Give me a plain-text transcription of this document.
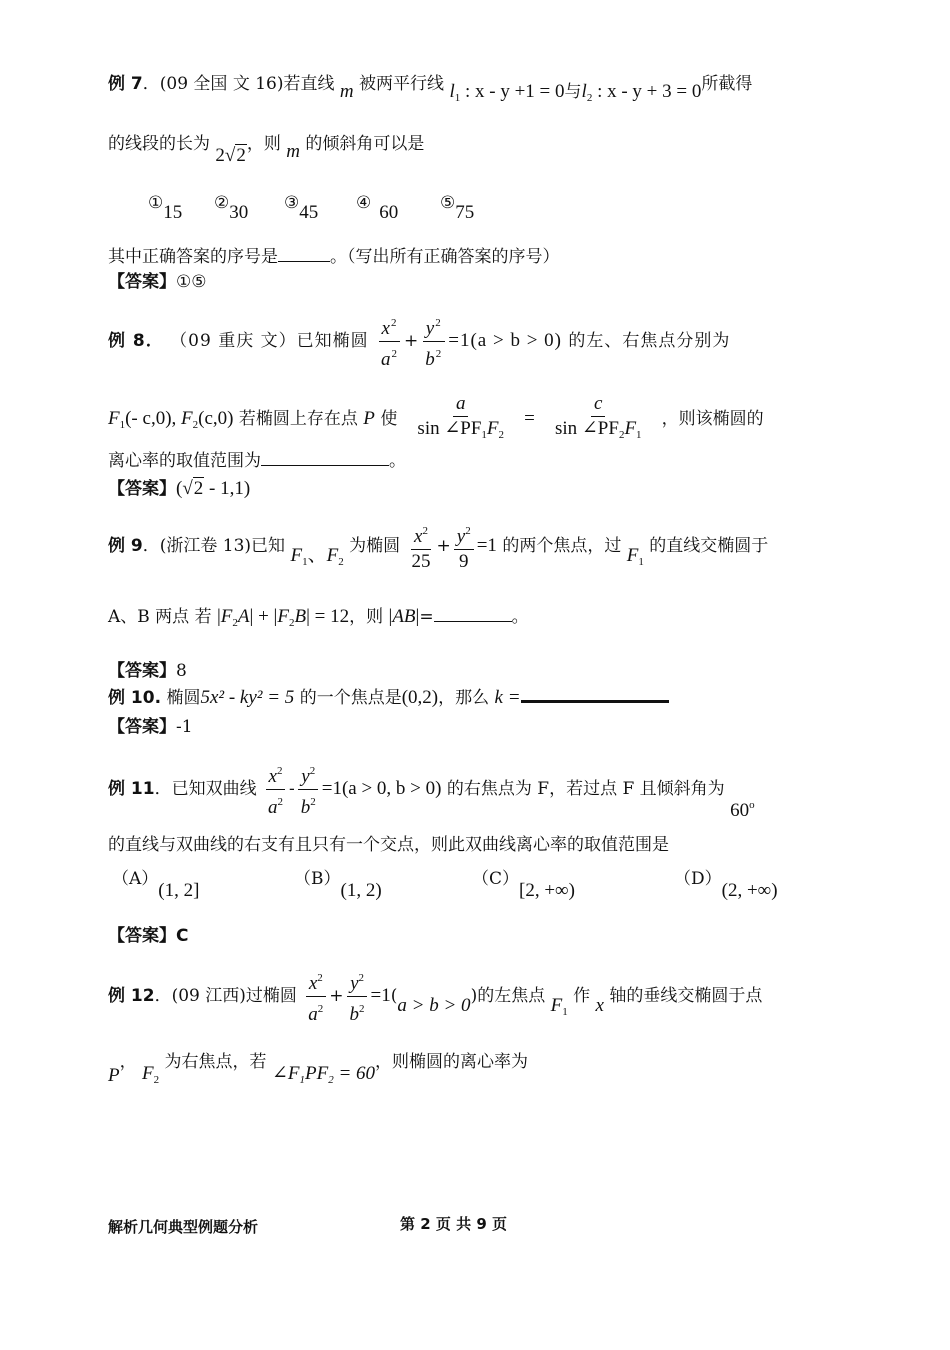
例 7．(09 全国 文 16)若直线 m 被两平行线 $l_1$ : x - y +1 = 0与$l_2$ : x - y + 3 = 0所截得
的线段的长为 2√2，则 m 的倾斜角可以是
①15 ②30 ③45 ④ 60 ⑤75
其中正确答案的序号是	。（写出所有正确答案的序号）
【答案】①⑤
例 8． （09 重庆 文）已知椭圆 $\frac{x^2}{a^2} + \frac{y^2}{b^2} =1(a > b > 0)$ 的左、右焦点分别为
$F_1(-$ c,0), $F_2(c,0)$ 若椭圆上存在点 P 使 $\frac{a}{\sin \angle PF_1F_2} = \frac{c}{\sin \angle PF_2F_1}$ ，则该椭圆的
离心率的取值范围为	。
【答案】(√2 - 1,1)
例 9．(浙江卷 13)已知 $F_1$、$F_2$ 为椭圆 $\frac{x^2}{25} + \frac{y^2}{9} =1$ 的两个焦点，过 $F_1$ 的直线交椭圆于
A、B 两点 若 $|F_2A| + |F_2B| = 12$，则 |AB|=	。
【答案】8
例 10. 椭圆5x² - ky² = 5 的一个焦点是(0,2)，那么 k =
【答案】-1
例 11．已知双曲线 $\frac{x^2}{a^2} - \frac{y^2}{b^2} =1(a > 0$, b > 0) 的右焦点为 F，若过点 F 且倾斜角为 60$^o$
的直线与双曲线的右支有且只有一个交点，则此双曲线离心率的取值范围是
（A）(1, 2]
（B）(1, 2)
（C）[2, +∞)
（D）(2, +∞)
【答案】C
例 12．(09 江西)过椭圆 $\frac{x^2}{a^2} + \frac{y^2}{b^2} =1(a > b > 0)$的左焦点 $F_1$ 作 x 轴的垂线交椭圆于点
P， $F_2$ 为右焦点，若 $\angle F_1PF_2 = 60$，则椭圆的离心率为
解析几何典型例题分析	第 2 页 共 9 页
